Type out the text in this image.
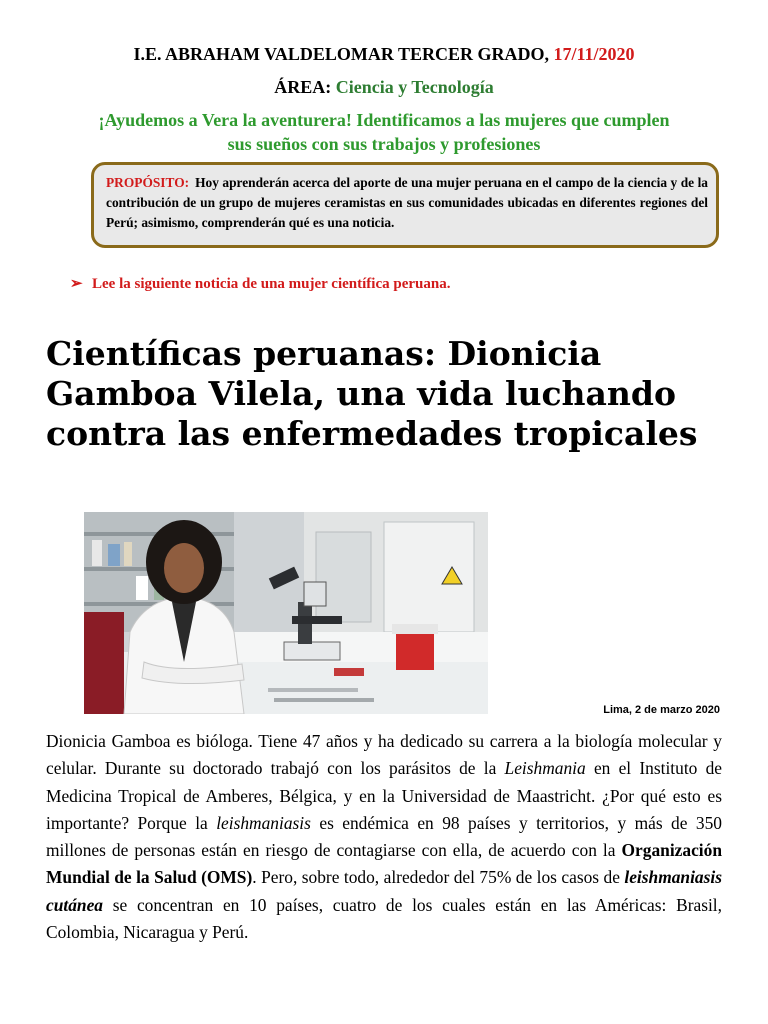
I.E. ABRAHAM VALDELOMAR TERCER GRADO, 17/11/2020
ÁREA: Ciencia y Tecnología
¡Ayudemos a Vera la aventurera! Identificamos a las mujeres que cumplen
sus sueños con sus trabajos y profesiones
PROPÓSITO: Hoy aprenderán acerca del aporte de una mujer peruana en el campo de la ciencia y de la contribución de un grupo de mujeres ceramistas en sus comunidades ubicadas en diferentes regiones del Perú; asimismo, comprenderán qué es una noticia.
➢ Lee la siguiente noticia de una mujer científica peruana.
Científicas peruanas: Dionicia Gamboa Vilela, una vida luchando contra las enfermedades tropicales
Lima, 2 de marzo 2020
Dionicia Gamboa es bióloga. Tiene 47 años y ha dedicado su carrera a la biología molecular y celular. Durante su doctorado trabajó con los parásitos de la Leishmania en el Instituto de Medicina Tropical de Amberes, Bélgica, y en la Universidad de Maastricht. ¿Por qué esto es importante? Porque la leishmaniasis es endémica en 98 países y territorios, y más de 350 millones de personas están en riesgo de contagiarse con ella, de acuerdo con la Organización Mundial de la Salud (OMS). Pero, sobre todo, alrededor del 75% de los casos de leishmaniasis cutánea se concentran en 10 países, cuatro de los cuales están en las Américas: Brasil, Colombia, Nicaragua y Perú.
